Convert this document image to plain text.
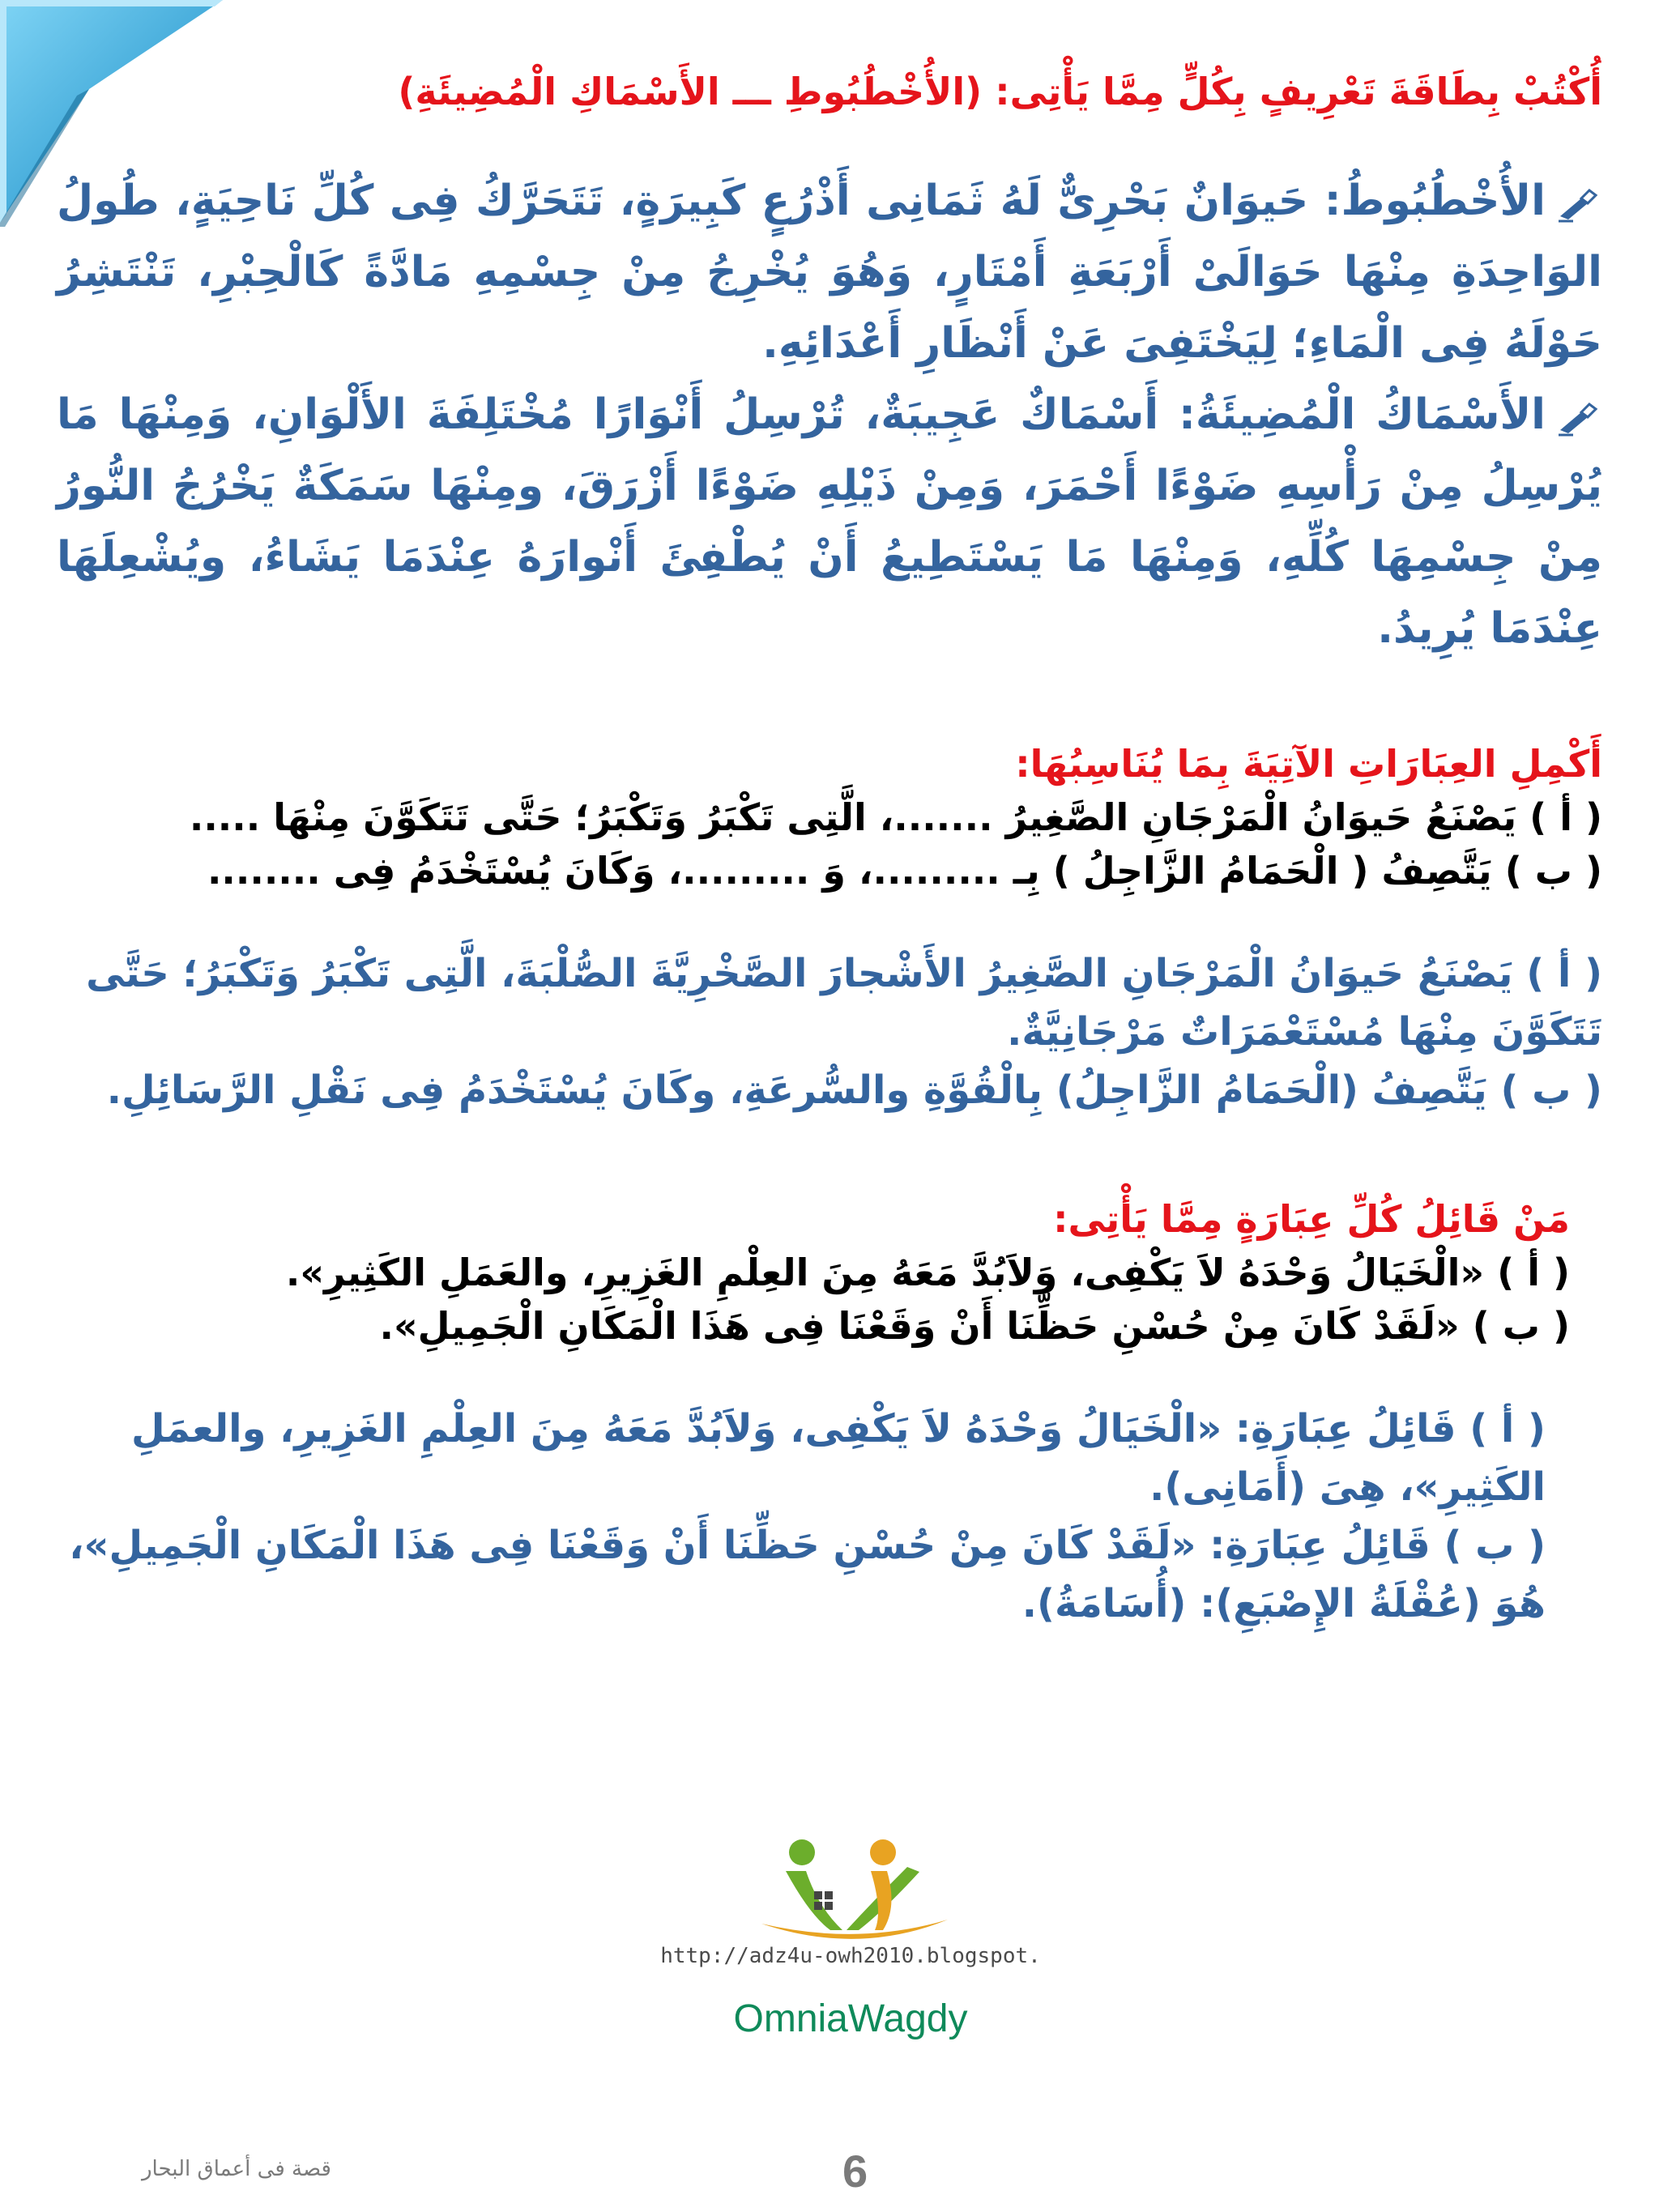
أُكْتُبْ بِطَاقَةَ تَعْرِيفٍ بِكُلٍّ مِمَّا يَأْتِى: (الأُخْطُبُوطِ ـــ الأَسْمَاكِ الْمُضِيئَةِ)
الأُخْطُبُوطُ: حَيوَانٌ بَحْرِىٌّ لَهُ ثَمَانِى أَذْرُعٍ كَبِيرَةٍ، تَتَحَرَّكُ فِى كُلِّ نَاحِيَةٍ، طُولُ الوَاحِدَةِ مِنْهَا حَوَالَىْ أَرْبَعَةِ أَمْتَارٍ، وَهُوَ يُخْرِجُ مِنْ جِسْمِهِ مَادَّةً كَالْحِبْرِ، تَنْتَشِرُ حَوْلَهُ فِى الْمَاءِ؛ لِيَخْتَفِىَ عَنْ أَنْظَارِ أَعْدَائِهِ.
الأَسْمَاكُ الْمُضِيئَةُ: أَسْمَاكٌ عَجِيبَةٌ، تُرْسِلُ أَنْوَارًا مُخْتَلِفَةَ الأَلْوَانِ، وَمِنْهَا مَا يُرْسِلُ مِنْ رَأْسِهِ ضَوْءًا أَحْمَرَ، وَمِنْ ذَيْلِهِ ضَوْءًا أَزْرَقَ، ومِنْهَا سَمَكَةٌ يَخْرُجُ النُّورُ مِنْ جِسْمِهَا كُلِّهِ، وَمِنْهَا مَا يَسْتَطِيعُ أَنْ يُطْفِئَ أَنْوارَهُ عِنْدَمَا يَشَاءُ، ويُشْعِلَهَا عِنْدَمَا يُرِيدُ.
أَكْمِلِ العِبَارَاتِ الآتِيَةَ بِمَا يُنَاسِبُهَا:
( أ ) يَصْنَعُ حَيوَانُ الْمَرْجَانِ الصَّغِيرُ .......، الَّتِى تَكْبَرُ وَتَكْبَرُ؛ حَتَّى تَتَكَوَّنَ مِنْهَا .....
( ب ) يَتَّصِفُ ( الْحَمَامُ الزَّاجِلُ ) بِـ .........، وَ .........، وَكَانَ يُسْتَخْدَمُ فِى ........
( أ ) يَصْنَعُ حَيوَانُ الْمَرْجَانِ الصَّغِيرُ الأَشْجارَ الصَّخْرِيَّةَ الصُّلْبَةَ، الَّتِى تَكْبَرُ وَتَكْبَرُ؛ حَتَّى تَتَكَوَّنَ مِنْهَا مُسْتَعْمَرَاتٌ مَرْجَانِيَّةٌ.
( ب ) يَتَّصِفُ (الْحَمَامُ الزَّاجِلُ) بِالْقُوَّةِ والسُّرعَةِ، وكَانَ يُسْتَخْدَمُ فِى نَقْلِ الرَّسَائِلِ.
مَنْ قَائِلُ كُلِّ عِبَارَةٍ مِمَّا يَأْتِى:
( أ ) «الْخَيَالُ وَحْدَهُ لاَ يَكْفِى، وَلاَبُدَّ مَعَهُ مِنَ العِلْمِ الغَزِيرِ، والعَمَلِ الكَثِيرِ».
( ب ) «لَقَدْ كَانَ مِنْ حُسْنِ حَظِّنَا أَنْ وَقَعْنَا فِى هَذَا الْمَكَانِ الْجَمِيلِ».
( أ ) قَائِلُ عِبَارَةِ: «الْخَيَالُ وَحْدَهُ لاَ يَكْفِى، وَلاَبُدَّ مَعَهُ مِنَ العِلْمِ الغَزِيرِ، والعمَلِ الكَثِيرِ»، هِىَ (أَمَانِى).
( ب ) قَائِلُ عِبَارَةِ: «لَقَدْ كَانَ مِنْ حُسْنِ حَظِّنَا أَنْ وَقَعْنَا فِى هَذَا الْمَكَانِ الْجَمِيلِ»، هُوَ (عُقْلَةُ الإِصْبَعِ): (أُسَامَةُ).
http://adz4u-owh2010.blogspot.
OmniaWagdy
قصة فى أعماق البحار	6
